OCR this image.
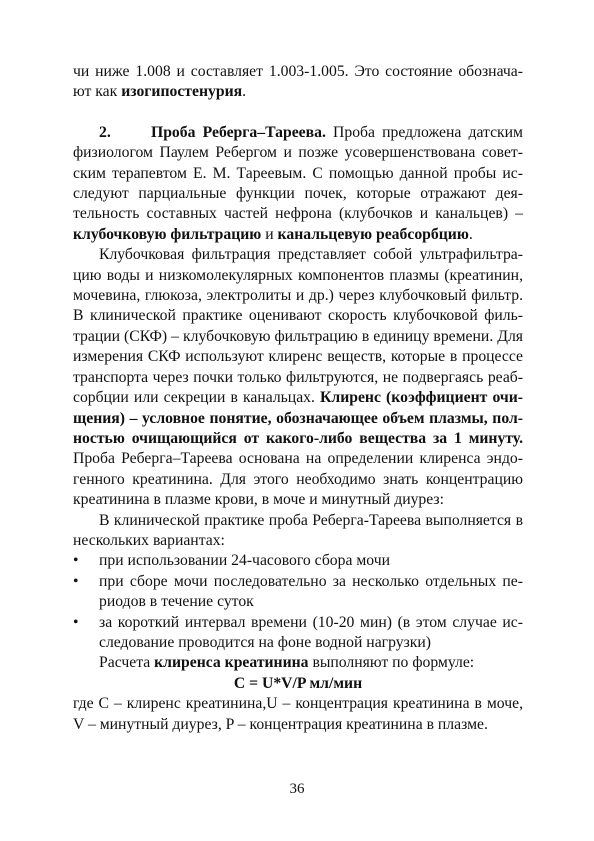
чи ниже 1.008 и составляет 1.003-1.005. Это состояние обознача-ют как изогипостенурия.

2.	Проба Реберга–Тареева. Проба предложена датским физиологом Паулем Ребергом и позже усовершенствована совет-ским терапевтом Е. М. Тареевым. С помощью данной пробы ис-следуют парциальные функции почек, которые отражают дея-тельность составных частей нефрона (клубочков и канальцев) – клубочковую фильтрацию и канальцевую реабсорбцию.

Клубочковая фильтрация представляет собой ультрафильтра-цию воды и низкомолекулярных компонентов плазмы (креатинин, мочевина, глюкоза, электролиты и др.) через клубочковый фильтр. В клинической практике оценивают скорость клубочковой филь-трации (СКФ) – клубочковую фильтрацию в единицу времени. Для измерения СКФ используют клиренс веществ, которые в процессе транспорта через почки только фильтруются, не подвергаясь реаб-сорбции или секреции в канальцах. Клиренс (коэффициент очи-щения) – условное понятие, обозначающее объем плазмы, пол-ностью очищающийся от какого-либо вещества за 1 минуту. Проба Реберга–Тареева основана на определении клиренса эндо-генного креатинина. Для этого необходимо знать концентрацию креатинина в плазме крови, в моче и минутный диурез:

В клинической практике проба Реберга-Тареева выполняется в нескольких вариантах:

•	при использовании 24-часового сбора мочи
•	при сборе мочи последовательно за несколько отдельных пе-риодов в течение суток
•	за короткий интервал времени (10-20 мин) (в этом случае ис-следование проводится на фоне водной нагрузки)

Расчета клиренса креатинина выполняют по формуле:

C = U*V/P мл/мин

где С – клиренс креатинина,U – концентрация креатинина в моче, V – минутный диурез, P – концентрация креатинина в плазме.

36
